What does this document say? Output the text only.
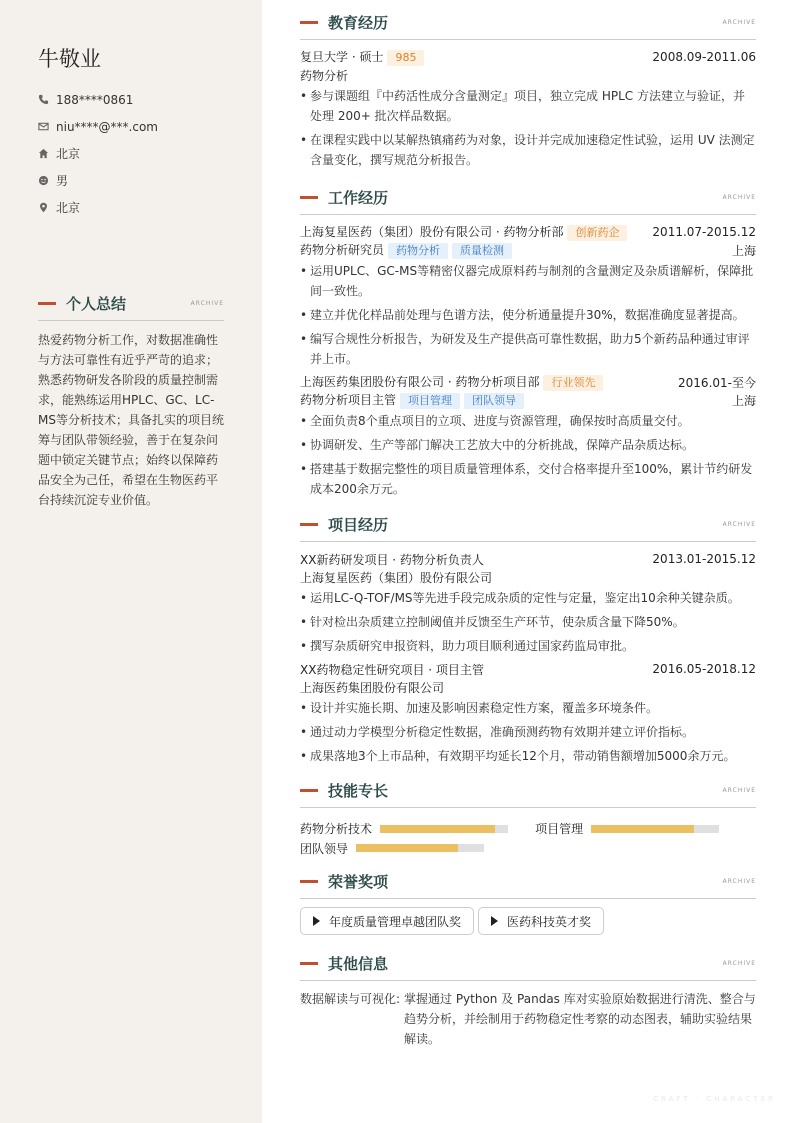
牛敬业
188****0861
niu****@***.com
北京
男
北京
个人总结	ARCHIVE
热爱药物分析工作，对数据准确性与方法可靠性有近乎严苛的追求；熟悉药物研发各阶段的质量控制需求，能熟练运用HPLC、GC、LC-MS等分析技术；具备扎实的项目统筹与团队带领经验，善于在复杂问题中锁定关键节点；始终以保障药品安全为己任，希望在生物医药平台持续沉淀专业价值。
教育经历	ARCHIVE
复旦大学 · 硕士 985	2008.09-2011.06
药物分析
• 参与课题组『中药活性成分含量测定』项目，独立完成 HPLC 方法建立与验证，并处理 200+ 批次样品数据。
• 在课程实践中以某解热镇痛药为对象，设计并完成加速稳定性试验，运用 UV 法测定含量变化，撰写规范分析报告。
工作经历	ARCHIVE
上海复星医药（集团）股份有限公司 · 药物分析部 创新药企	2011.07-2015.12
药物分析研究员 药物分析 质量检测	上海
• 运用UPLC、GC-MS等精密仪器完成原料药与制剂的含量测定及杂质谱解析，保障批间一致性。
• 建立并优化样品前处理与色谱方法，使分析通量提升30%，数据准确度显著提高。
• 编写合规性分析报告，为研发及生产提供高可靠性数据，助力5个新药品种通过审评并上市。
上海医药集团股份有限公司 · 药物分析项目部 行业领先	2016.01-至今
药物分析项目主管 项目管理 团队领导	上海
• 全面负责8个重点项目的立项、进度与资源管理，确保按时高质量交付。
• 协调研发、生产等部门解决工艺放大中的分析挑战，保障产品杂质达标。
• 搭建基于数据完整性的项目质量管理体系，交付合格率提升至100%，累计节约研发成本200余万元。
项目经历	ARCHIVE
XX新药研发项目 · 药物分析负责人	2013.01-2015.12
上海复星医药（集团）股份有限公司
• 运用LC-Q-TOF/MS等先进手段完成杂质的定性与定量，鉴定出10余种关键杂质。
• 针对检出杂质建立控制阈值并反馈至生产环节，使杂质含量下降50%。
• 撰写杂质研究申报资料，助力项目顺利通过国家药监局审批。
XX药物稳定性研究项目 · 项目主管	2016.05-2018.12
上海医药集团股份有限公司
• 设计并实施长期、加速及影响因素稳定性方案，覆盖多环境条件。
• 通过动力学模型分析稳定性数据，准确预测药物有效期并建立评价指标。
• 成果落地3个上市品种，有效期平均延长12个月，带动销售额增加5000余万元。
技能专长	ARCHIVE
药物分析技术
	项目管理
团队领导
荣誉奖项	ARCHIVE
年度质量管理卓越团队奖	医药科技英才奖
其他信息	ARCHIVE
数据解读与可视化: 掌握通过 Python 及 Pandas 库对实验原始数据进行清洗、整合与趋势分析，并绘制用于药物稳定性考察的动态图表，辅助实验结果解读。
CRAFT · CHARACTER
